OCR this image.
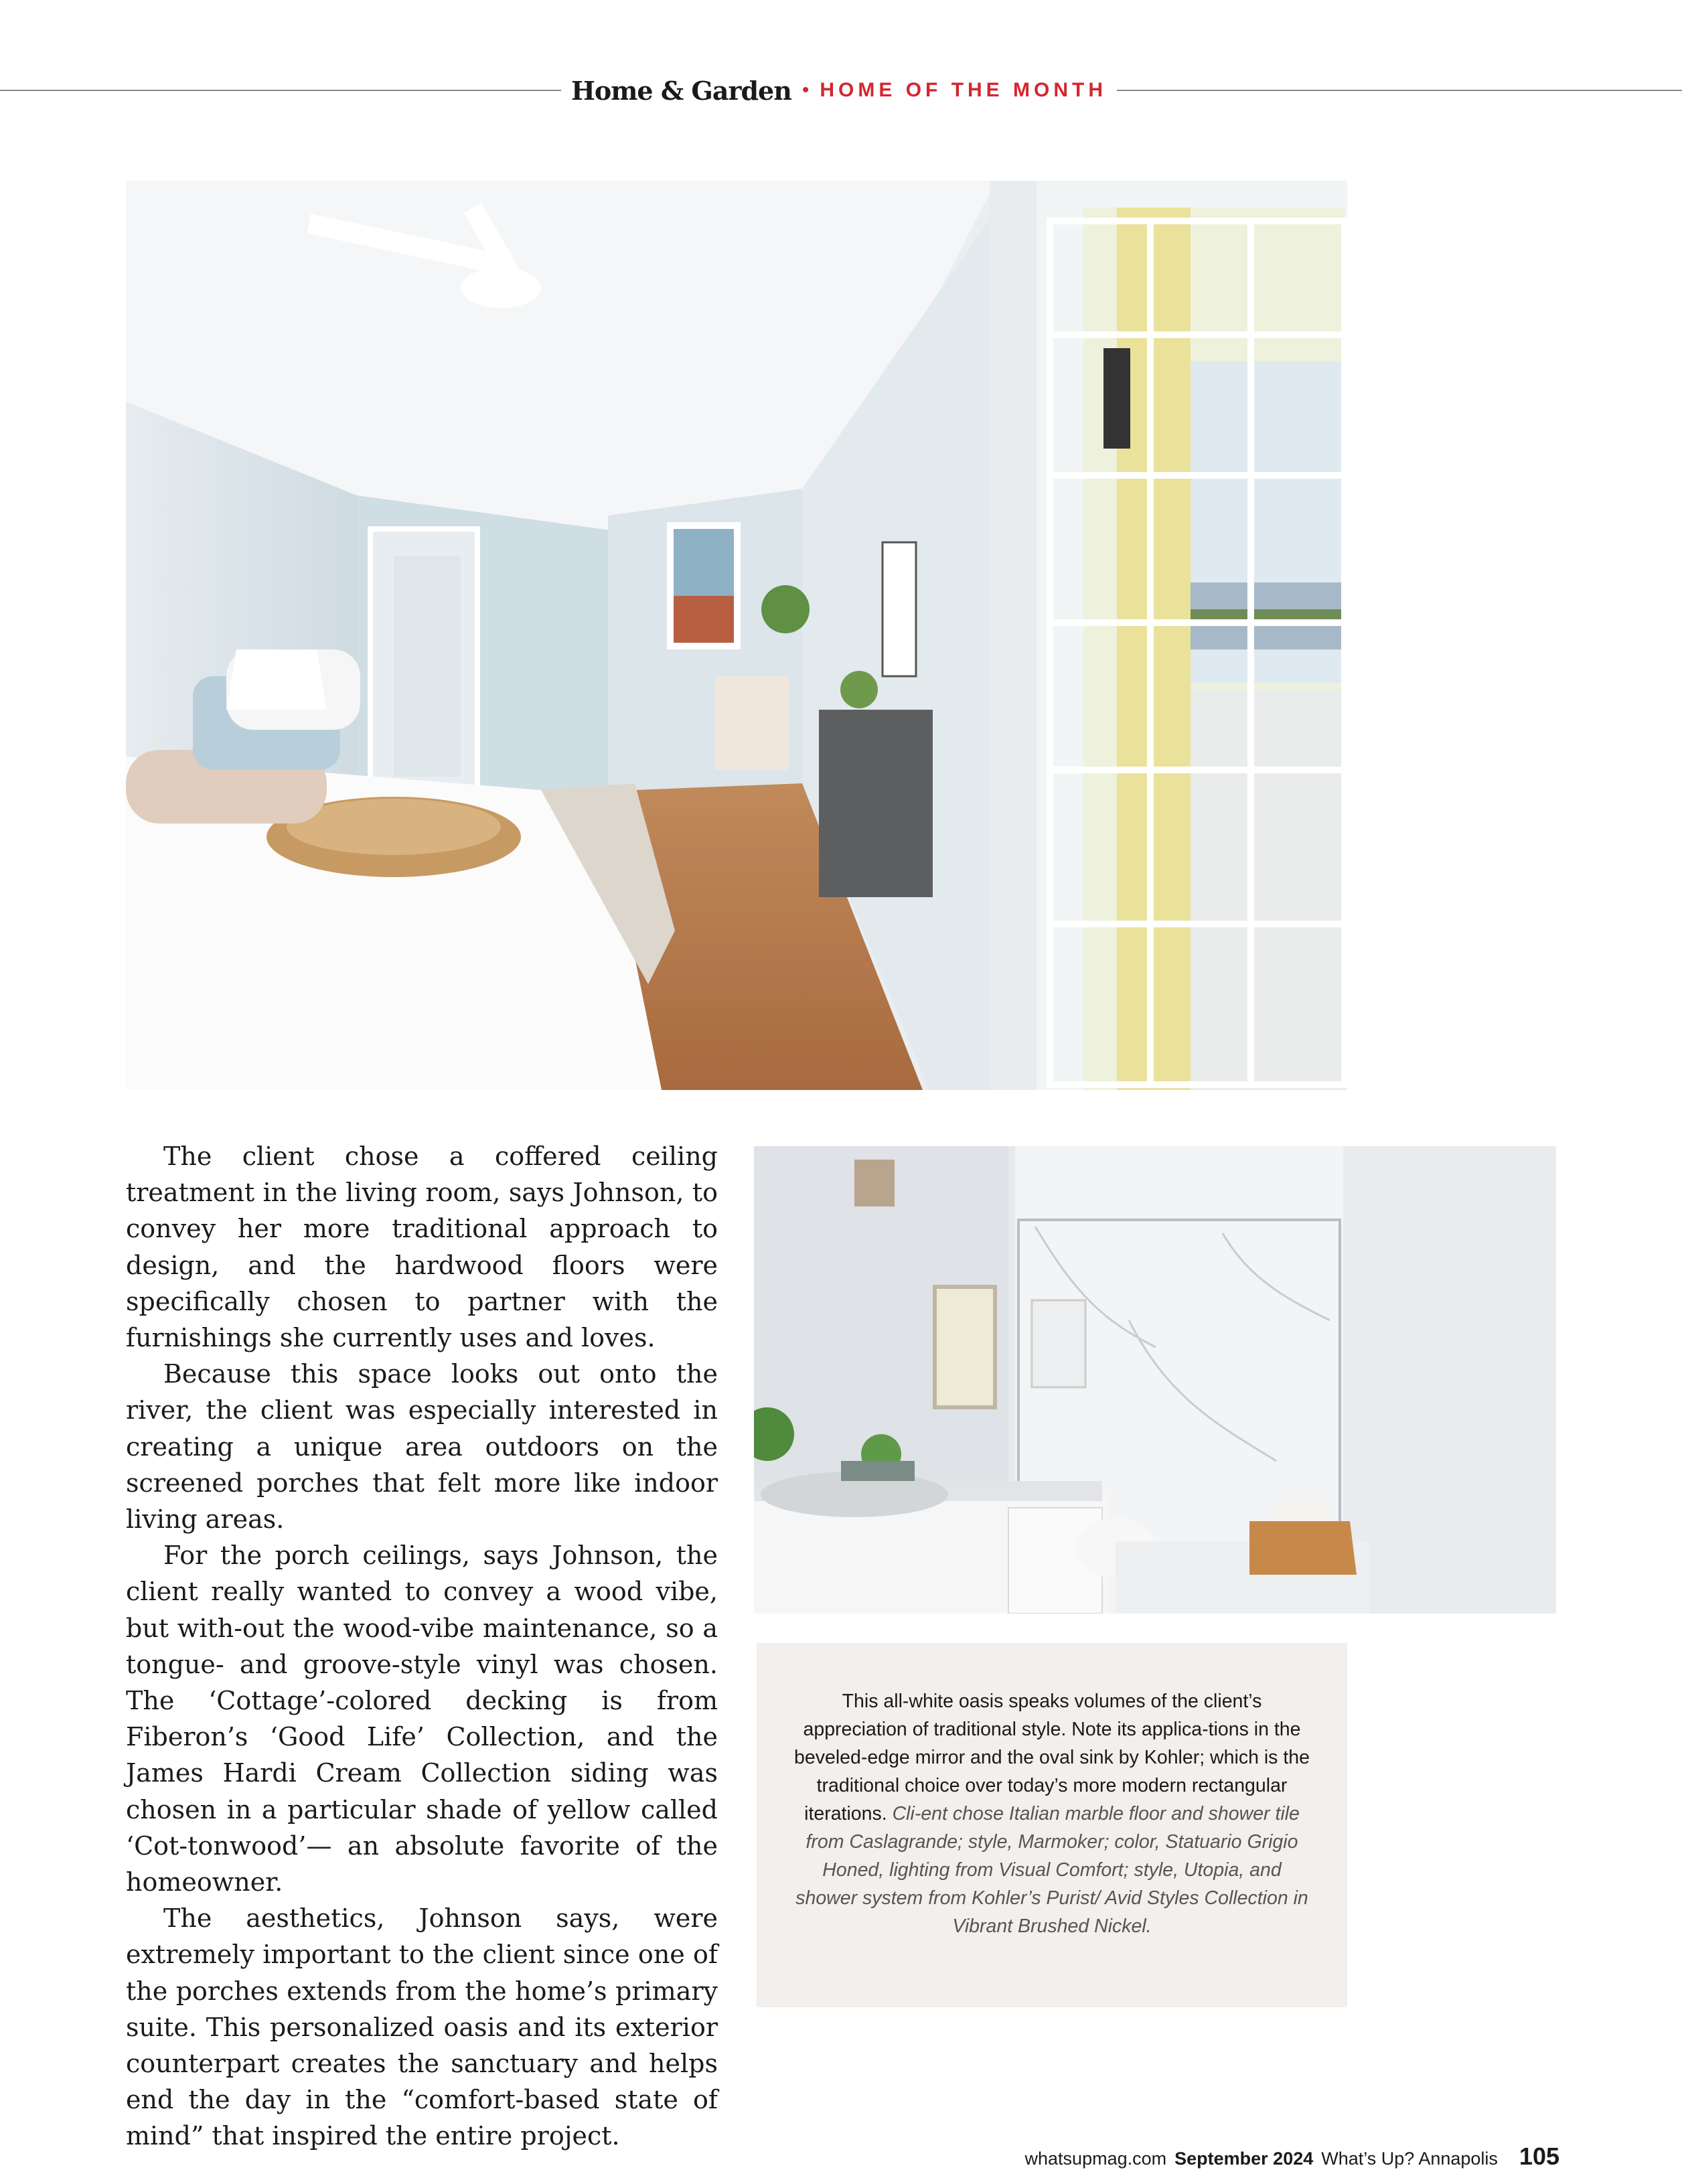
Home & Garden • HOME OF THE MONTH

The client chose a coffered ceiling treatment in the living room, says Johnson, to convey her more traditional approach to design, and the hardwood floors were specifically chosen to partner with the furnishings she currently uses and loves.

Because this space looks out onto the river, the client was especially interested in creating a unique area outdoors on the screened porches that felt more like indoor living areas.

For the porch ceilings, says Johnson, the client really wanted to convey a wood vibe, but with-out the wood-vibe maintenance, so a tongue- and groove-style vinyl was chosen. The ‘Cottage’-colored decking is from Fiberon’s ‘Good Life’ Collection, and the James Hardi Cream Collection siding was chosen in a particular shade of yellow called ‘Cot-tonwood’— an absolute favorite of the homeowner.

The aesthetics, Johnson says, were extremely important to the client since one of the porches extends from the home’s primary suite. This personalized oasis and its exterior counterpart creates the sanctuary and helps end the day in the “comfort-based state of mind” that inspired the entire project.

This all-white oasis speaks volumes of the client’s appreciation of traditional style. Note its applica-tions in the beveled-edge mirror and the oval sink by Kohler; which is the traditional choice over today’s more modern rectangular iterations. Cli-ent chose Italian marble floor and shower tile from Caslagrande; style, Marmoker; color, Statuario Grigio Honed, lighting from Visual Comfort; style, Utopia, and shower system from Kohler’s Purist/ Avid Styles Collection in Vibrant Brushed Nickel.
whatsupmag.com September 2024 What’s Up? Annapolis 105
